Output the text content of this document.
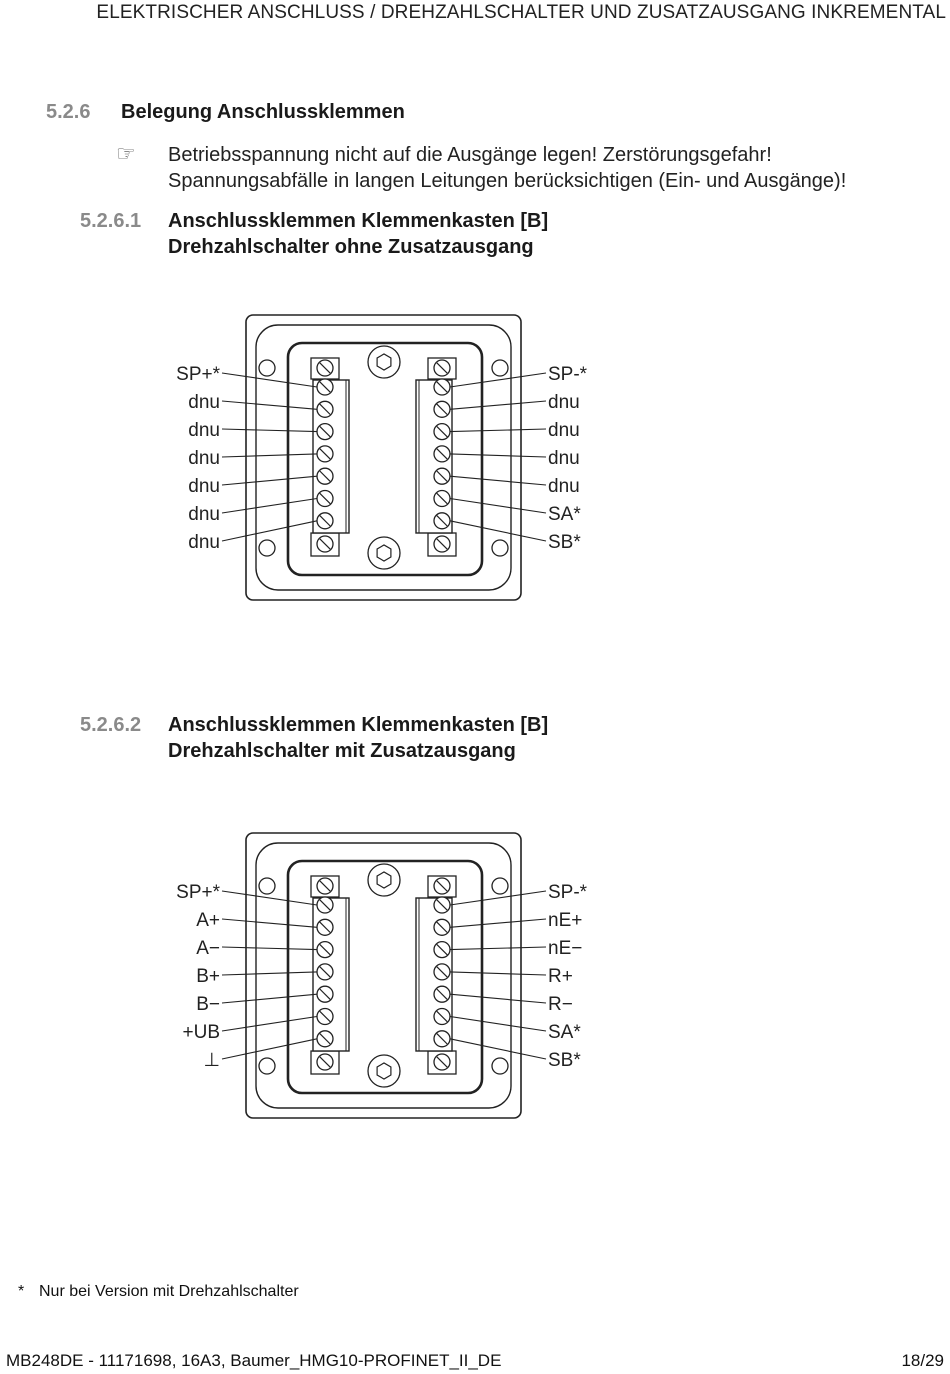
ELEKTRISCHER ANSCHLUSS / DREHZAHLSCHALTER UND ZUSATZAUSGANG INKREMENTAL
5.2.6 Belegung Anschlussklemmen
☞ Betriebsspannung nicht auf die Ausgänge legen! Zerstörungsgefahr!
Spannungsabfälle in langen Leitungen berücksichtigen (Ein- und Ausgänge)!
5.2.6.1 Anschlussklemmen Klemmenkasten [B]
Drehzahlschalter ohne Zusatzausgang
SP+*
dnu
dnu
dnu
dnu
dnu
dnu
SP-*
dnu
dnu
dnu
dnu
SA*
SB*
5.2.6.2 Anschlussklemmen Klemmenkasten [B]
Drehzahlschalter mit Zusatzausgang
SP+*
A+
A−
B+
B−
+UB
⊥
SP-*
nE+
nE−
R+
R−
SA*
SB*
* Nur bei Version mit Drehzahlschalter
MB248DE - 11171698, 16A3, Baumer_HMG10-PROFINET_II_DE	18/29
